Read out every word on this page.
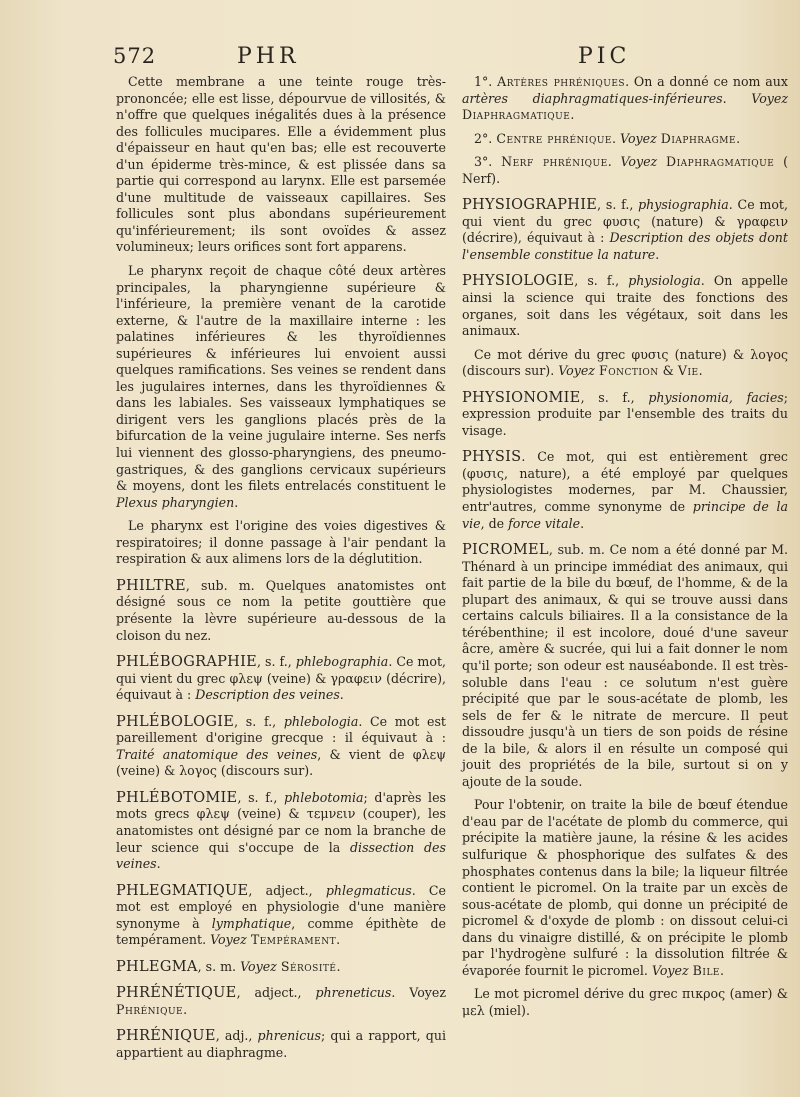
572	PHR	PIC

Cette membrane a une teinte rouge très-prononcée; elle est lisse, dépourvue de villosités, & n'offre que quelques inégalités dues à la présence des follicules mucipares. Elle a évidemment plus d'épaisseur en haut qu'en bas; elle est recouverte d'un épiderme très-mince, & est plissée dans sa partie qui correspond au larynx. Elle est parsemée d'une multitude de vaisseaux capillaires. Ses follicules sont plus abondans supérieurement qu'inférieurement; ils sont ovoïdes & assez volumineux; leurs orifices sont fort apparens.

Le pharynx reçoit de chaque côté deux artères principales, la pharyngienne supérieure & l'inférieure, la première venant de la carotide externe, & l'autre de la maxillaire interne : les palatines inférieures & les thyroïdiennes supérieures & inférieures lui envoient aussi quelques ramifications. Ses veines se rendent dans les jugulaires internes, dans les thyroïdiennes & dans les labiales. Ses vaisseaux lymphatiques se dirigent vers les ganglions placés près de la bifurcation de la veine jugulaire interne. Ses nerfs lui viennent des glosso-pharyngiens, des pneumo-gastriques, & des ganglions cervicaux supérieurs & moyens, dont les filets entrelacés constituent le Plexus pharyngien.

Le pharynx est l'origine des voies digestives & respiratoires; il donne passage à l'air pendant la respiration & aux alimens lors de la déglutition.

PHILTRE, sub. m. Quelques anatomistes ont désigné sous ce nom la petite gouttière que présente la lèvre supérieure au-dessous de la cloison du nez.

PHLÉBOGRAPHIE, s. f., phlebographia. Ce mot, qui vient du grec φλεψ (veine) & γραφειν (décrire), équivaut à : Description des veines.

PHLÉBOLOGIE, s. f., phlebologia. Ce mot est pareillement d'origine grecque : il équivaut à : Traité anatomique des veines, & vient de φλεψ (veine) & λογος (discours sur).

PHLÉBOTOMIE, s. f., phlebotomia; d'après les mots grecs φλεψ (veine) & τεμνειν (couper), les anatomistes ont désigné par ce nom la branche de leur science qui s'occupe de la dissection des veines.

PHLEGMATIQUE, adject., phlegmaticus. Ce mot est employé en physiologie d'une manière synonyme à lymphatique, comme épithète de tempérament. Voyez Tempérament.

PHLEGMA, s. m. Voyez Sérosité.

PHRÉNÉTIQUE, adject., phreneticus. Voyez Phrénique.

PHRÉNIQUE, adj., phrenicus; qui a rapport, qui appartient au diaphragme.

1°. Artères phréniques. On a donné ce nom aux artères diaphragmatiques-inférieures. Voyez Diaphragmatique.

2°. Centre phrénique. Voyez Diaphragme.

3°. Nerf phrénique. Voyez Diaphragmatique ( Nerf).

PHYSIOGRAPHIE, s. f., physiographia. Ce mot, qui vient du grec φυσις (nature) & γραφειν (décrire), équivaut à : Description des objets dont l'ensemble constitue la nature.

PHYSIOLOGIE, s. f., physiologia. On appelle ainsi la science qui traite des fonctions des organes, soit dans les végétaux, soit dans les animaux.

Ce mot dérive du grec φυσις (nature) & λογος (discours sur). Voyez Fonction & Vie.

PHYSIONOMIE, s. f., physionomia, facies; expression produite par l'ensemble des traits du visage.

PHYSIS. Ce mot, qui est entièrement grec (φυσις, nature), a été employé par quelques physiologistes modernes, par M. Chaussier, entr'autres, comme synonyme de principe de la vie, de force vitale.

PICROMEL, sub. m. Ce nom a été donné par M. Thénard à un principe immédiat des animaux, qui fait partie de la bile du bœuf, de l'homme, & de la plupart des animaux, & qui se trouve aussi dans certains calculs biliaires. Il a la consistance de la térébenthine; il est incolore, doué d'une saveur âcre, amère & sucrée, qui lui a fait donner le nom qu'il porte; son odeur est nauséabonde. Il est très-soluble dans l'eau : ce solutum n'est guère précipité que par le sous-acétate de plomb, les sels de fer & le nitrate de mercure. Il peut dissoudre jusqu'à un tiers de son poids de résine de la bile, & alors il en résulte un composé qui jouit des propriétés de la bile, surtout si on y ajoute de la soude.

Pour l'obtenir, on traite la bile de bœuf étendue d'eau par de l'acétate de plomb du commerce, qui précipite la matière jaune, la résine & les acides sulfurique & phosphorique des sulfates & des phosphates contenus dans la bile; la liqueur filtrée contient le picromel. On la traite par un excès de sous-acétate de plomb, qui donne un précipité de picromel & d'oxyde de plomb : on dissout celui-ci dans du vinaigre distillé, & on précipite le plomb par l'hydrogène sulfuré : la dissolution filtrée & évaporée fournit le picromel. Voyez Bile.

Le mot picromel dérive du grec πικρος (amer) & μελ (miel).
